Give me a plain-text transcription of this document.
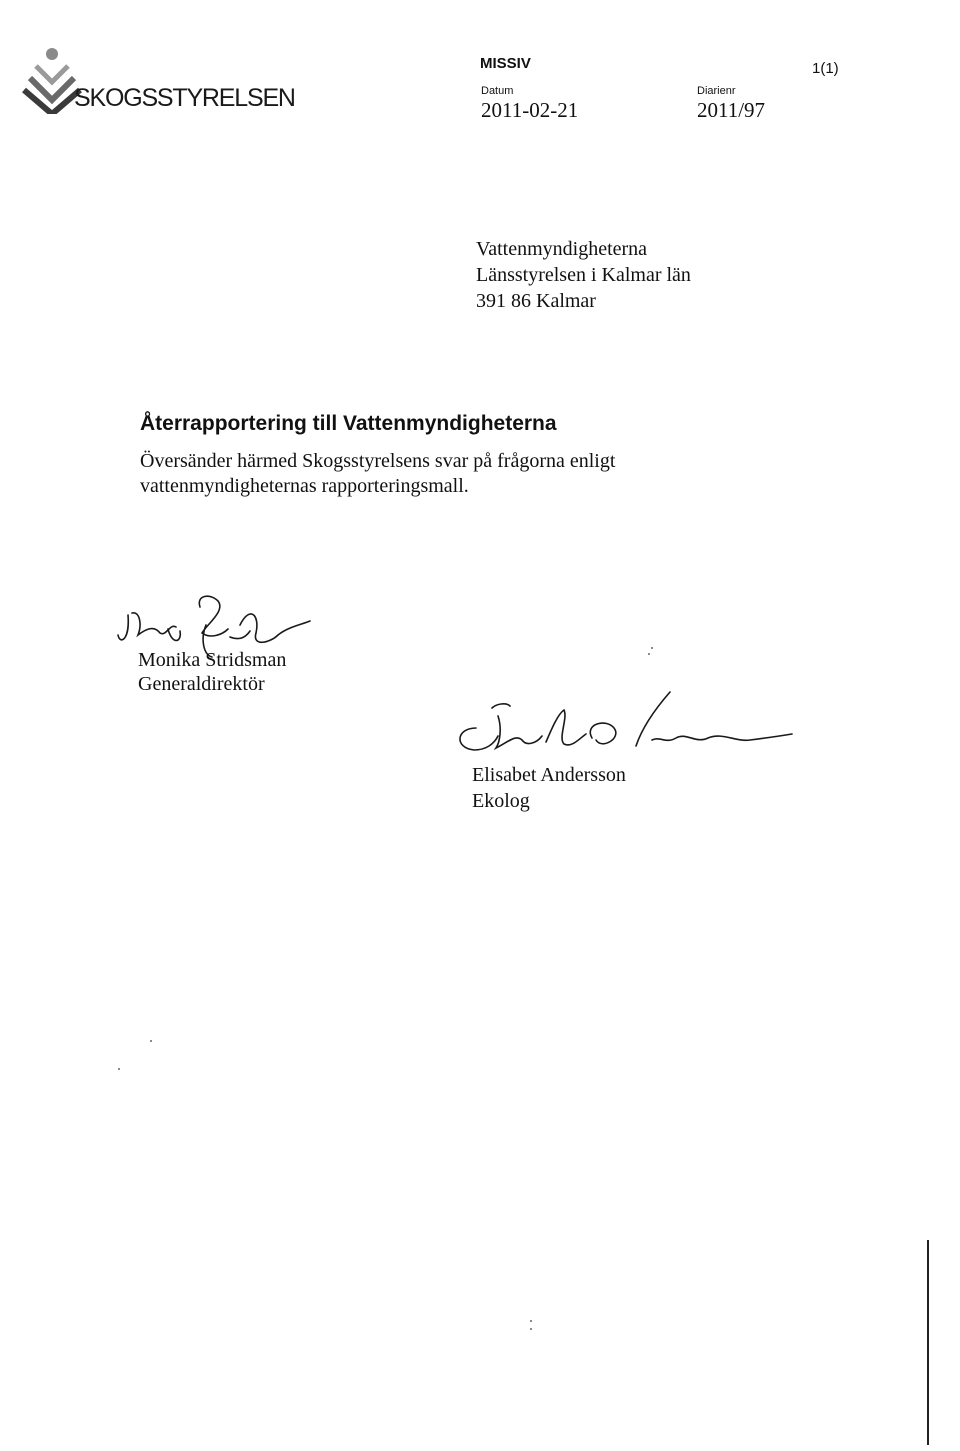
SKOGSSTYRELSEN
MISSIV	1(1)
Datum
2011-02-21
Diarienr
2011/97
Vattenmyndigheterna
Länsstyrelsen i Kalmar län
391 86 Kalmar
Återrapportering till Vattenmyndigheterna
Översänder härmed Skogsstyrelsens svar på frågorna enligt
vattenmyndigheternas rapporteringsmall.
Monika Stridsman
Generaldirektör
Elisabet Andersson
Ekolog
